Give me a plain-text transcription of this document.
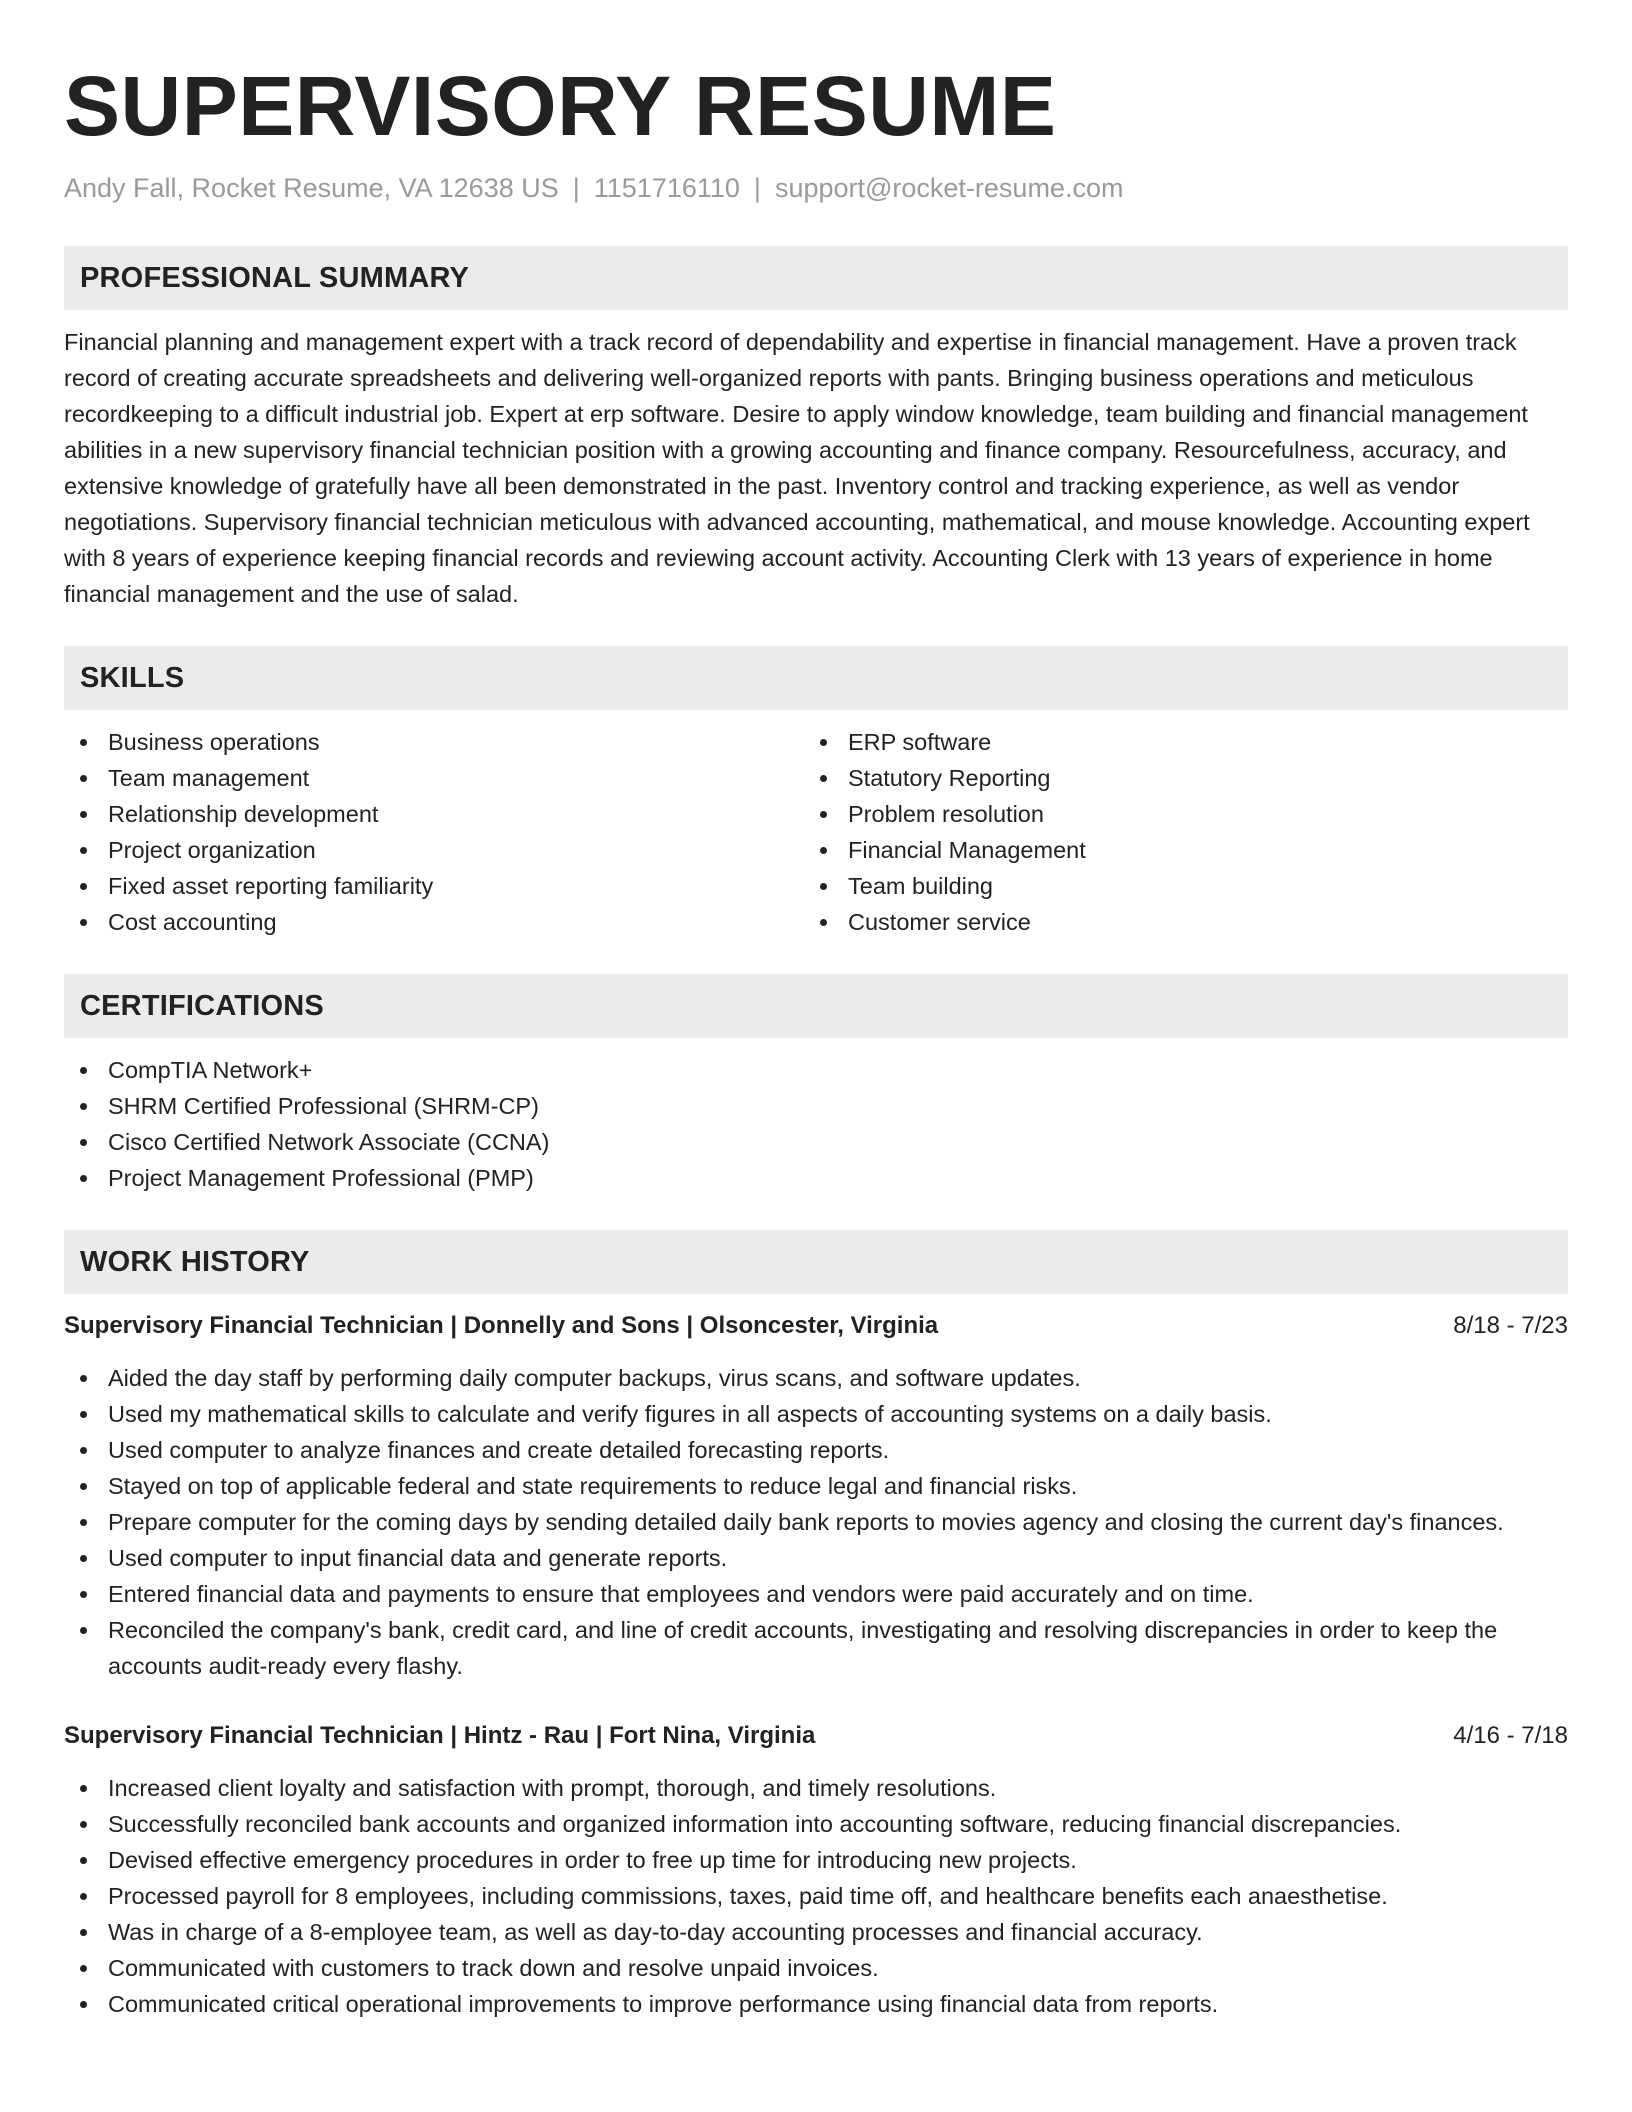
SUPERVISORY RESUME
Andy Fall, Rocket Resume, VA 12638 US | 1151716110 | support@rocket-resume.com
PROFESSIONAL SUMMARY
Financial planning and management expert with a track record of dependability and expertise in financial management. Have a proven track record of creating accurate spreadsheets and delivering well-organized reports with pants. Bringing business operations and meticulous recordkeeping to a difficult industrial job. Expert at erp software. Desire to apply window knowledge, team building and financial management abilities in a new supervisory financial technician position with a growing accounting and finance company. Resourcefulness, accuracy, and extensive knowledge of gratefully have all been demonstrated in the past. Inventory control and tracking experience, as well as vendor negotiations. Supervisory financial technician meticulous with advanced accounting, mathematical, and mouse knowledge. Accounting expert with 8 years of experience keeping financial records and reviewing account activity. Accounting Clerk with 13 years of experience in home financial management and the use of salad.
SKILLS
Business operations
Team management
Relationship development
Project organization
Fixed asset reporting familiarity
Cost accounting
ERP software
Statutory Reporting
Problem resolution
Financial Management
Team building
Customer service
CERTIFICATIONS
CompTIA Network+
SHRM Certified Professional (SHRM-CP)
Cisco Certified Network Associate (CCNA)
Project Management Professional (PMP)
WORK HISTORY
Supervisory Financial Technician | Donnelly and Sons | Olsoncester, Virginia	8/18 - 7/23
Aided the day staff by performing daily computer backups, virus scans, and software updates.
Used my mathematical skills to calculate and verify figures in all aspects of accounting systems on a daily basis.
Used computer to analyze finances and create detailed forecasting reports.
Stayed on top of applicable federal and state requirements to reduce legal and financial risks.
Prepare computer for the coming days by sending detailed daily bank reports to movies agency and closing the current day's finances.
Used computer to input financial data and generate reports.
Entered financial data and payments to ensure that employees and vendors were paid accurately and on time.
Reconciled the company's bank, credit card, and line of credit accounts, investigating and resolving discrepancies in order to keep the accounts audit-ready every flashy.
Supervisory Financial Technician | Hintz - Rau | Fort Nina, Virginia	4/16 - 7/18
Increased client loyalty and satisfaction with prompt, thorough, and timely resolutions.
Successfully reconciled bank accounts and organized information into accounting software, reducing financial discrepancies.
Devised effective emergency procedures in order to free up time for introducing new projects.
Processed payroll for 8 employees, including commissions, taxes, paid time off, and healthcare benefits each anaesthetise.
Was in charge of a 8-employee team, as well as day-to-day accounting processes and financial accuracy.
Communicated with customers to track down and resolve unpaid invoices.
Communicated critical operational improvements to improve performance using financial data from reports.
